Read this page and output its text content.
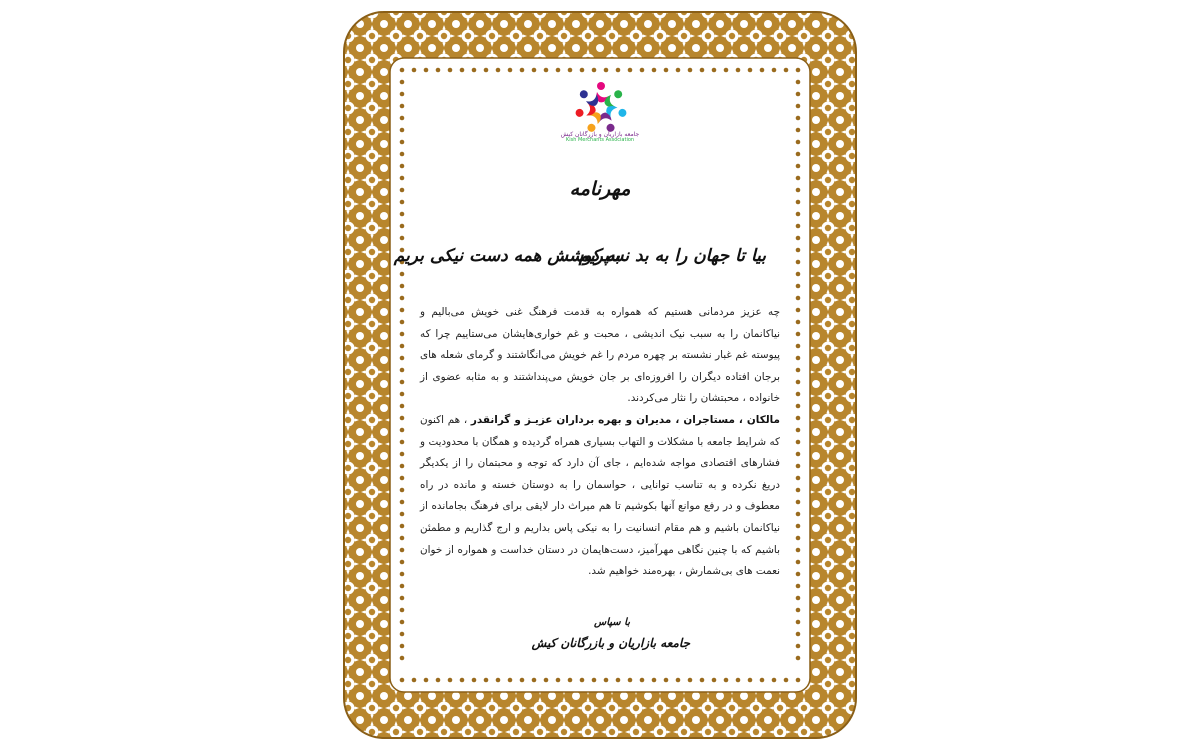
جامعه بازاریان و بازرگانان کیش
Kish Merchants Association
مهرنامه
بیا تا جهان را به بد نسپریم
به کوشش همه دست نیکی بریم

چه عزیز مردمانی هستیم که همواره به قدمت فرهنگ غنی خویش می‌بالیم و نیاکانمان را به سبب نیک اندیشی ، محبت و غم خواری‌هایشان می‌ستاییم چرا که پیوسته غم غبار نشسته بر چهره مردم را غم خویش می‌انگاشتند و گرمای شعله های برجان افتاده دیگران را افروزه‌ای بر جان خویش می‌پنداشتند و به مثابه عضوی از خانواده ، محبتشان را نثار می‌کردند.

مالکان ، مستاجران ، مدیران و بهره برداران عزیـز و گرانقدر ، هم اکنون که شرایط جامعه با مشکلات و التهاب بسیاری همراه گردیده و همگان با محدودیت و فشارهای اقتصادی مواجه شده‌ایم ، جای آن دارد که توجه و محبتمان را از یکدیگر دریغ نکرده و به تناسب توانایی ، حواسمان را به دوستان خسته و مانده در راه معطوف و در رفع موانع آنها بکوشیم تا هم میراث دار لایقی برای فرهنگ بجامانده از نیاکانمان باشیم و هم مقام انسانیت را به نیکی پاس بداریم و ارج گذاریم و مطمئن باشیم که با چنین نگاهی مهرآمیز، دست‌هایمان در دستان خداست و همواره از خوان نعمت های بی‌شمارش ، بهره‌مند خواهیم شد.

با سپاس
جامعه بازاریان و بازرگانان کیش
